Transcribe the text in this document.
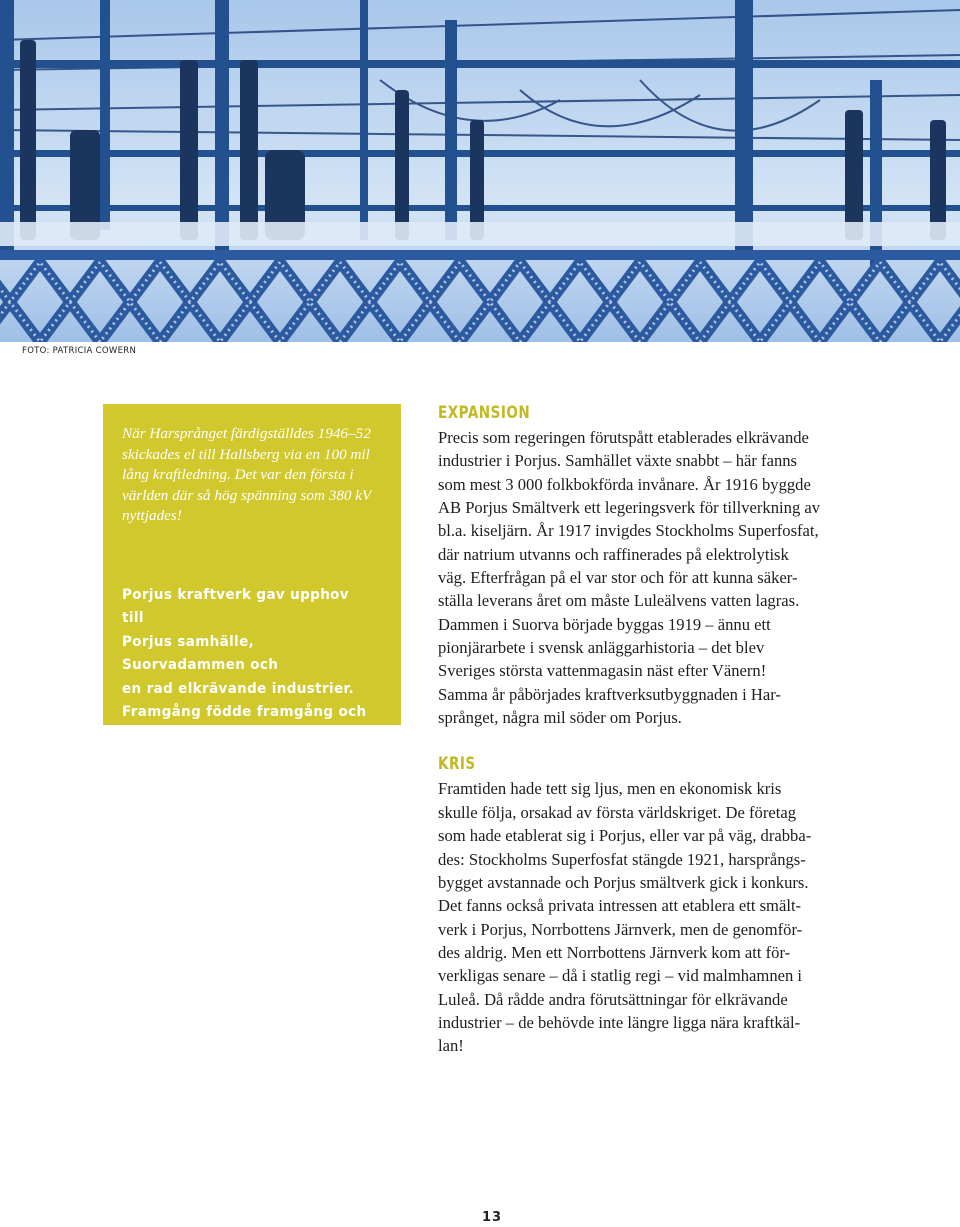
FOTO: PATRICIA COWERN

När Harsprånget färdigställdes 1946–52 skickades el till Hallsberg via en 100 mil lång kraftledning. Det var den första i världen där så hög spänning som 380 kV nyttjades!

Porjus kraftverk gav upphov till
Porjus samhälle, Suorvadammen och
en rad elkrävande industrier.
Framgång födde framgång och H
arsprånget byggdes ut.

EXPANSION

Precis som regeringen förutspått etablerades elkrävande
industrier i Porjus. Samhället växte snabbt – här fanns
som mest 3 000 folkbokförda invånare. År 1916 byggde
AB Porjus Smältverk ett legeringsverk för tillverkning av
bl.a. kiseljärn. År 1917 invigdes Stockholms Superfosfat,
där natrium utvanns och raffinerades på elektrolytisk
väg. Efterfrågan på el var stor och för att kunna säker-
ställa leverans året om måste Luleälvens vatten lagras.
Dammen i Suorva började byggas 1919 – ännu ett
pionjärarbete i svensk anläggarhistoria – det blev
Sveriges största vattenmagasin näst efter Vänern!
Samma år påbörjades kraftverksutbyggnaden i Har-
språnget, några mil söder om Porjus.

KRIS

Framtiden hade tett sig ljus, men en ekonomisk kris
skulle följa, orsakad av första världskriget. De företag
som hade etablerat sig i Porjus, eller var på väg, drabba-
des: Stockholms Superfosfat stängde 1921, harsprångs-
bygget avstannade och Porjus smältverk gick i konkurs.
Det fanns också privata intressen att etablera ett smält-
verk i Porjus, Norrbottens Järnverk, men de genomför-
des aldrig. Men ett Norrbottens Järnverk kom att för-
verkligas senare – då i statlig regi – vid malmhamnen i
Luleå. Då rådde andra förutsättningar för elkrävande
industrier – de behövde inte längre ligga nära kraftkäl-
lan!

13
